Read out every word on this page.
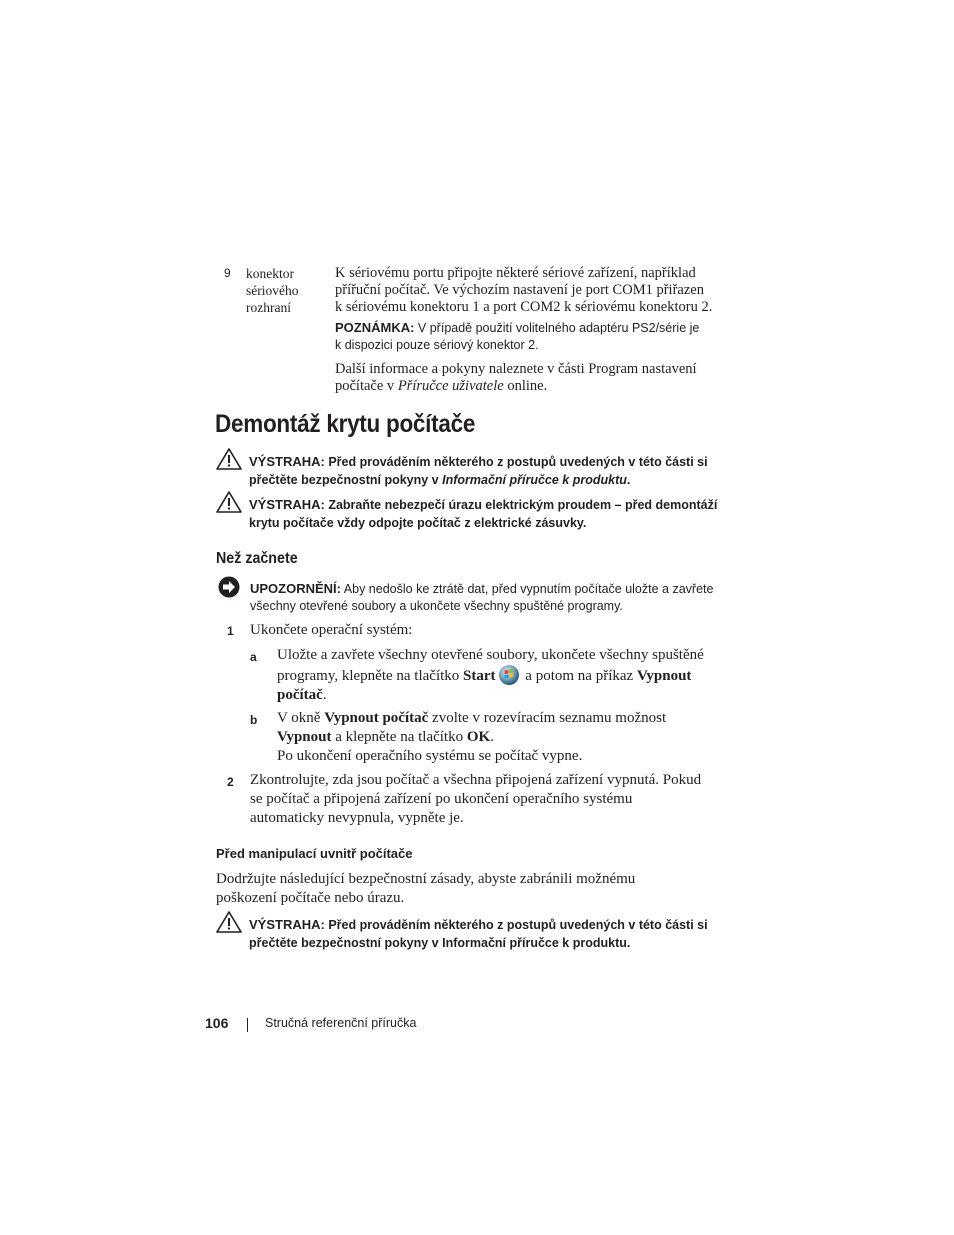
9 konektor
sériového
rozhraní
K sériovému portu připojte některé sériové zařízení, například
přířuční počítač. Ve výchozím nastavení je port COM1 přiřazen
k sériovému konektoru 1 a port COM2 k sériovému konektoru 2.
POZNÁMKA: V případě použití volitelného adaptéru PS2/série je
k dispozici pouze sériový konektor 2.
Další informace a pokyny naleznete v části Program nastavení
počítače v Příručce uživatele online.
Demontáž krytu počítače
VÝSTRAHA: Před prováděním některého z postupů uvedených v této části si
přečtěte bezpečnostní pokyny v Informační příručce k produktu.
VÝSTRAHA: Zabraňte nebezpečí úrazu elektrickým proudem – před demontáží
krytu počítače vždy odpojte počítač z elektrické zásuvky.
Než začnete
UPOZORNĚNÍ: Aby nedošlo ke ztrátě dat, před vypnutím počítače uložte a zavřete
všechny otevřené soubory a ukončete všechny spuštěné programy.
1 Ukončete operační systém:
a Uložte a zavřete všechny otevřené soubory, ukončete všechny spuštěné
programy, klepněte na tlačítko Start
a potom na příkaz Vypnout
počítač.
b V okně Vypnout počítač zvolte v rozevíracím seznamu možnost
Vypnout a klepněte na tlačítko OK.
Po ukončení operačního systému se počítač vypne.
2 Zkontrolujte, zda jsou počítač a všechna připojená zařízení vypnutá. Pokud
se počítač a připojená zařízení po ukončení operačního systému
automaticky nevypnula, vypněte je.
Před manipulací uvnitř počítače
Dodržujte následující bezpečnostní zásady, abyste zabránili možnému
poškození počítače nebo úrazu.
VÝSTRAHA: Před prováděním některého z postupů uvedených v této části si
přečtěte bezpečnostní pokyny v Informační příručce k produktu.
106	Stručná referenční příručka
